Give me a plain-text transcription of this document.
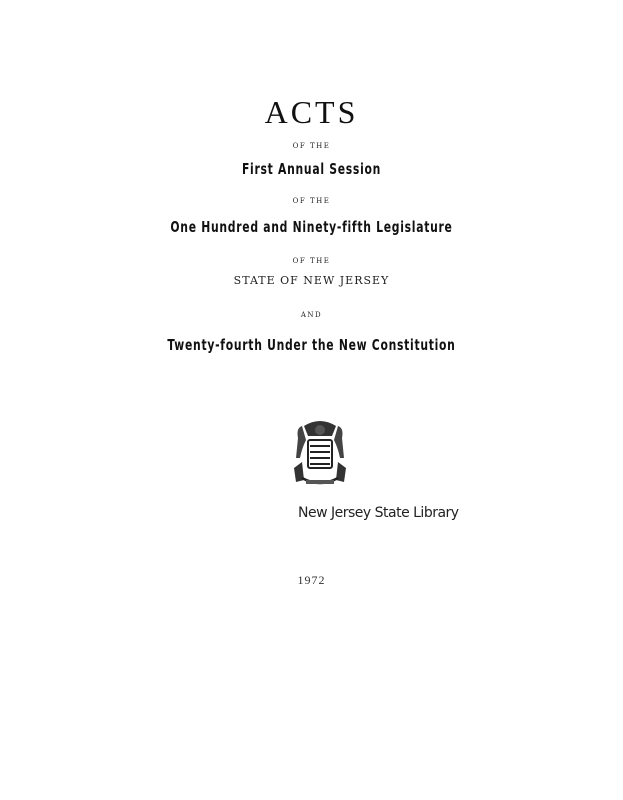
ACTS
OF THE
First Annual Session
OF THE
One Hundred and Ninety-fifth Legislature
OF THE
STATE OF NEW JERSEY
AND
Twenty-fourth Under the New Constitution
New Jersey State Library
1972
